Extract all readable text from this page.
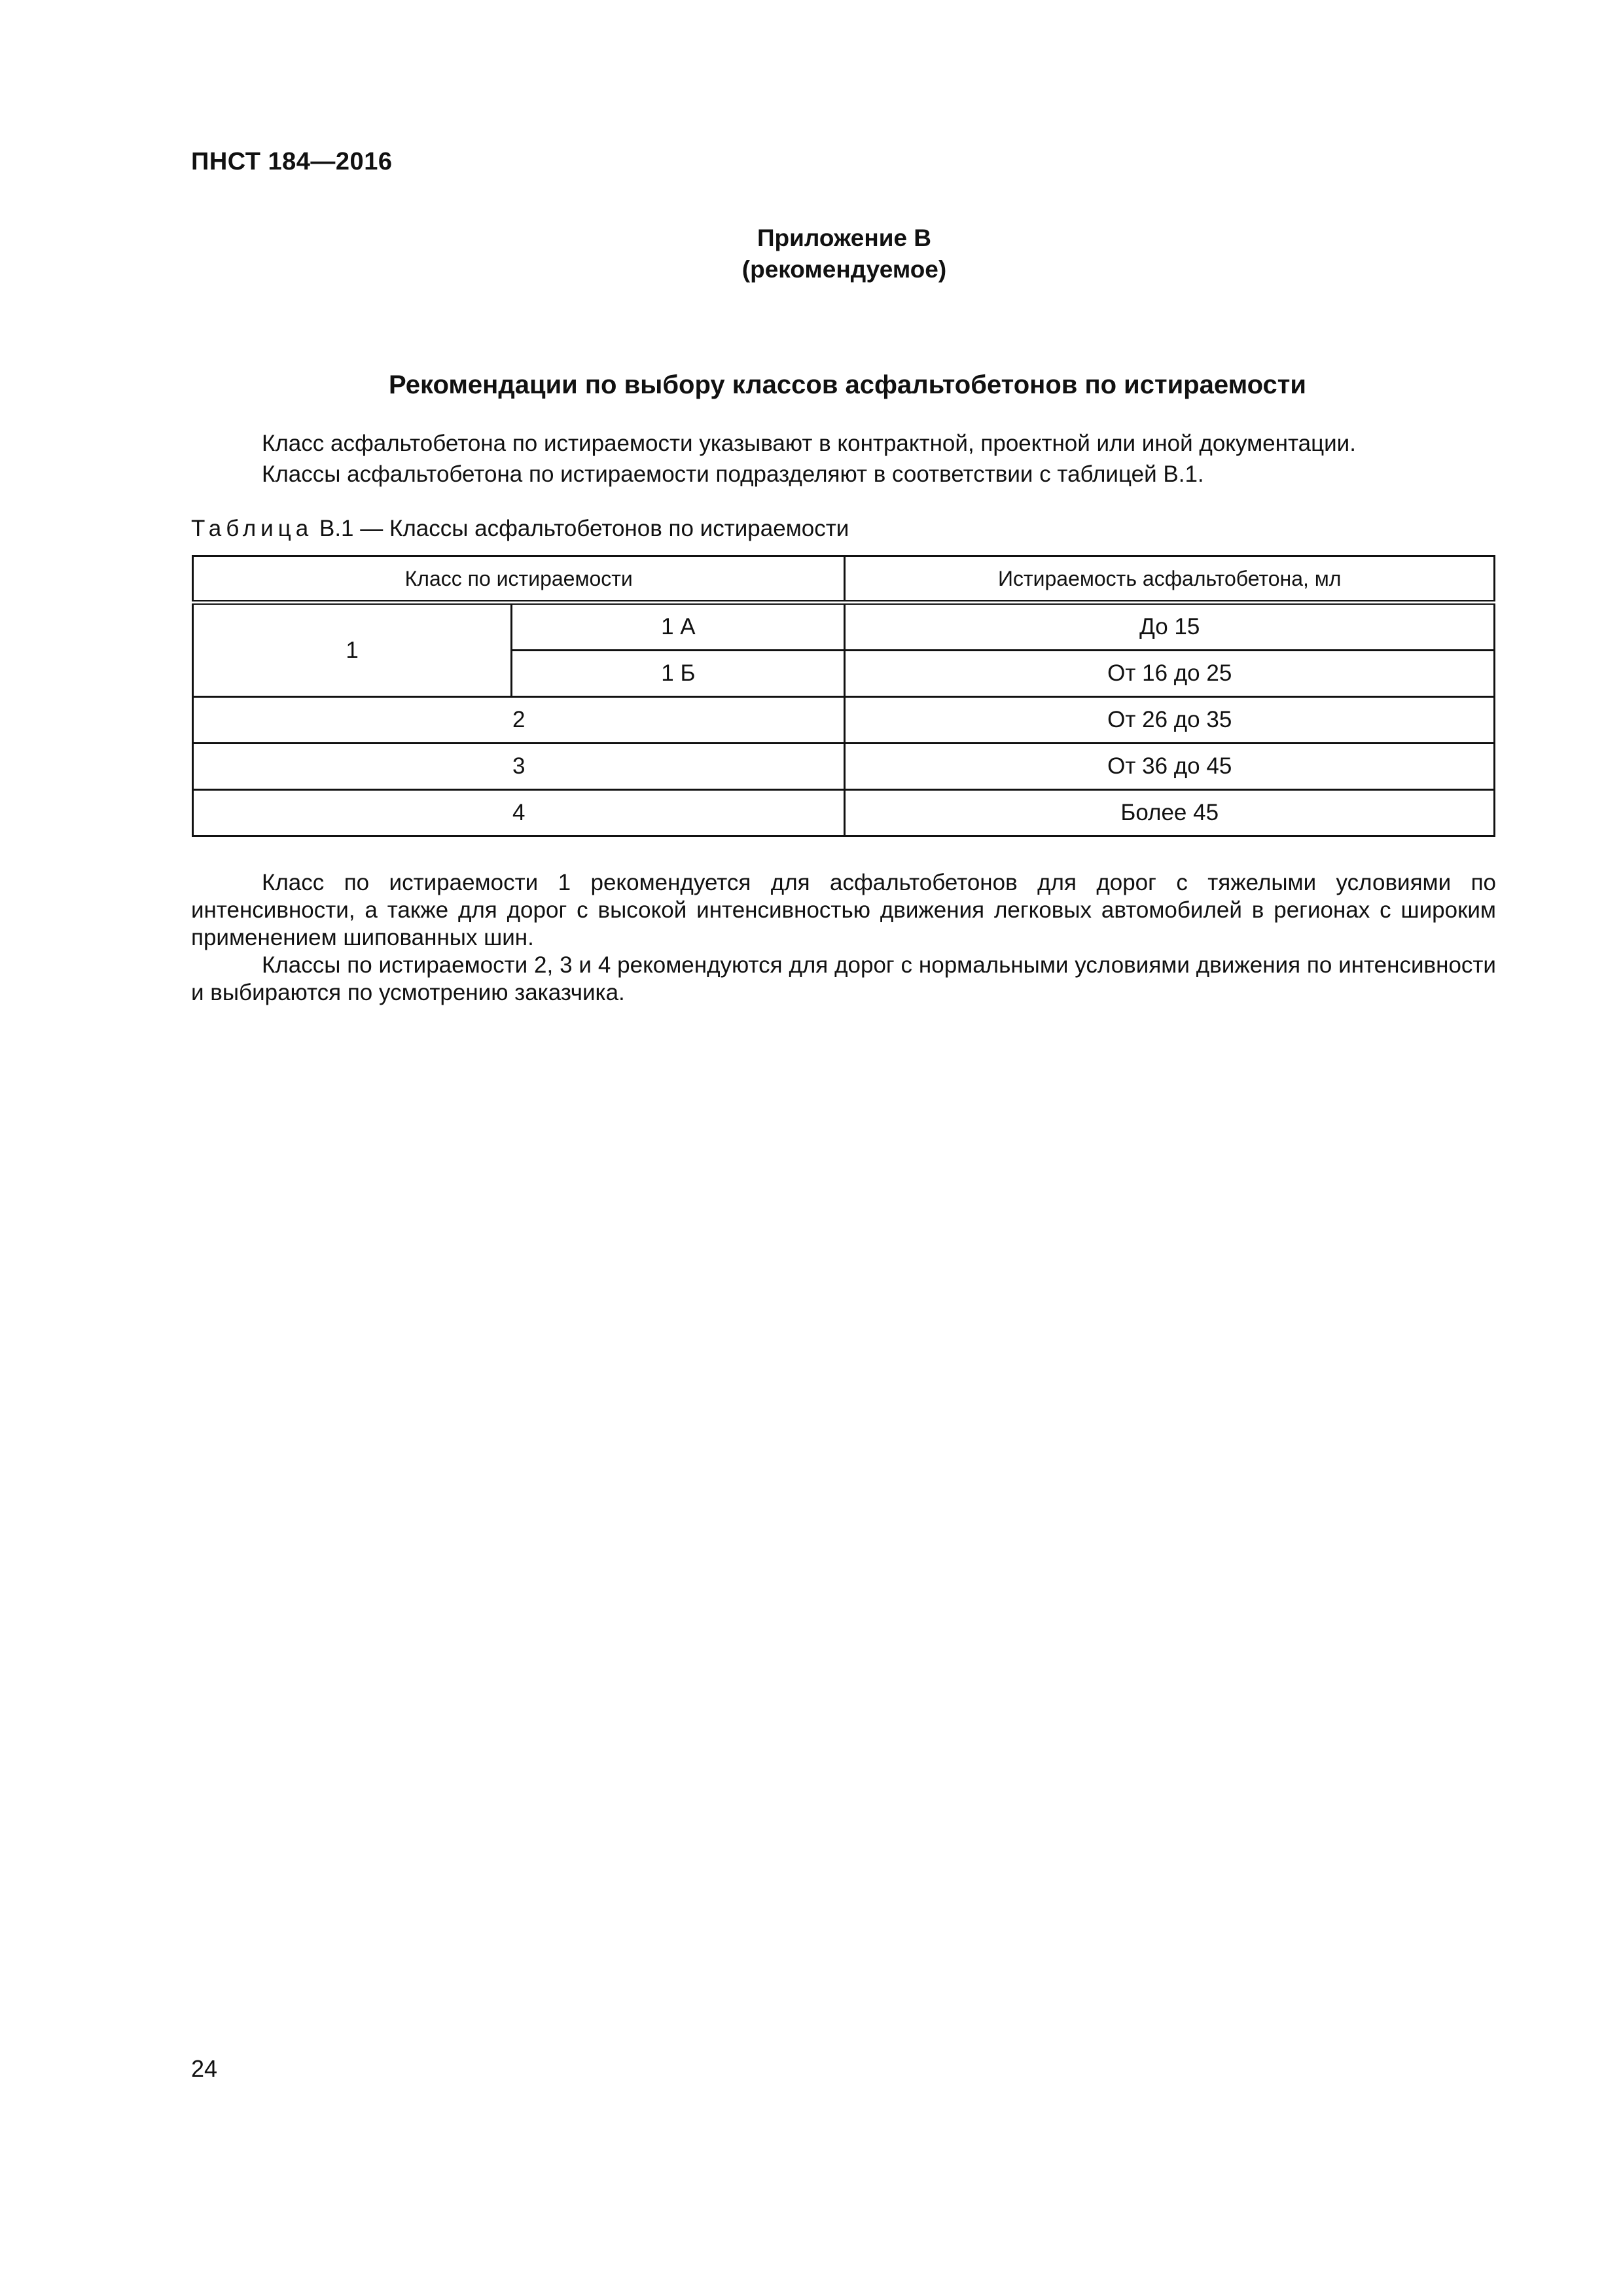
ПНСТ 184—2016
Приложение В
(рекомендуемое)
Рекомендации по выбору классов асфальтобетонов по истираемости

Класс асфальтобетона по истираемости указывают в контрактной, проектной или иной документации.

Классы асфальтобетона по истираемости подразделяют в соответствии с таблицей В.1.

Таблица В.1 — Классы асфальтобетонов по истираемости
Класс по истираемости		Истираемость асфальтобетона, мл
1	1 А	До 15
	1 Б	От 16 до 25
2		От 26 до 35
3		От 36 до 45
4		Более 45

Класс по истираемости 1 рекомендуется для асфальтобетонов для дорог с тяжелыми условиями по интенсивности, а также для дорог с высокой интенсивностью движения легковых автомобилей в регионах с широким применением шипованных шин.

Классы по истираемости 2, 3 и 4 рекомендуются для дорог с нормальными условиями движения по интенсивности и выбираются по усмотрению заказчика.

24
